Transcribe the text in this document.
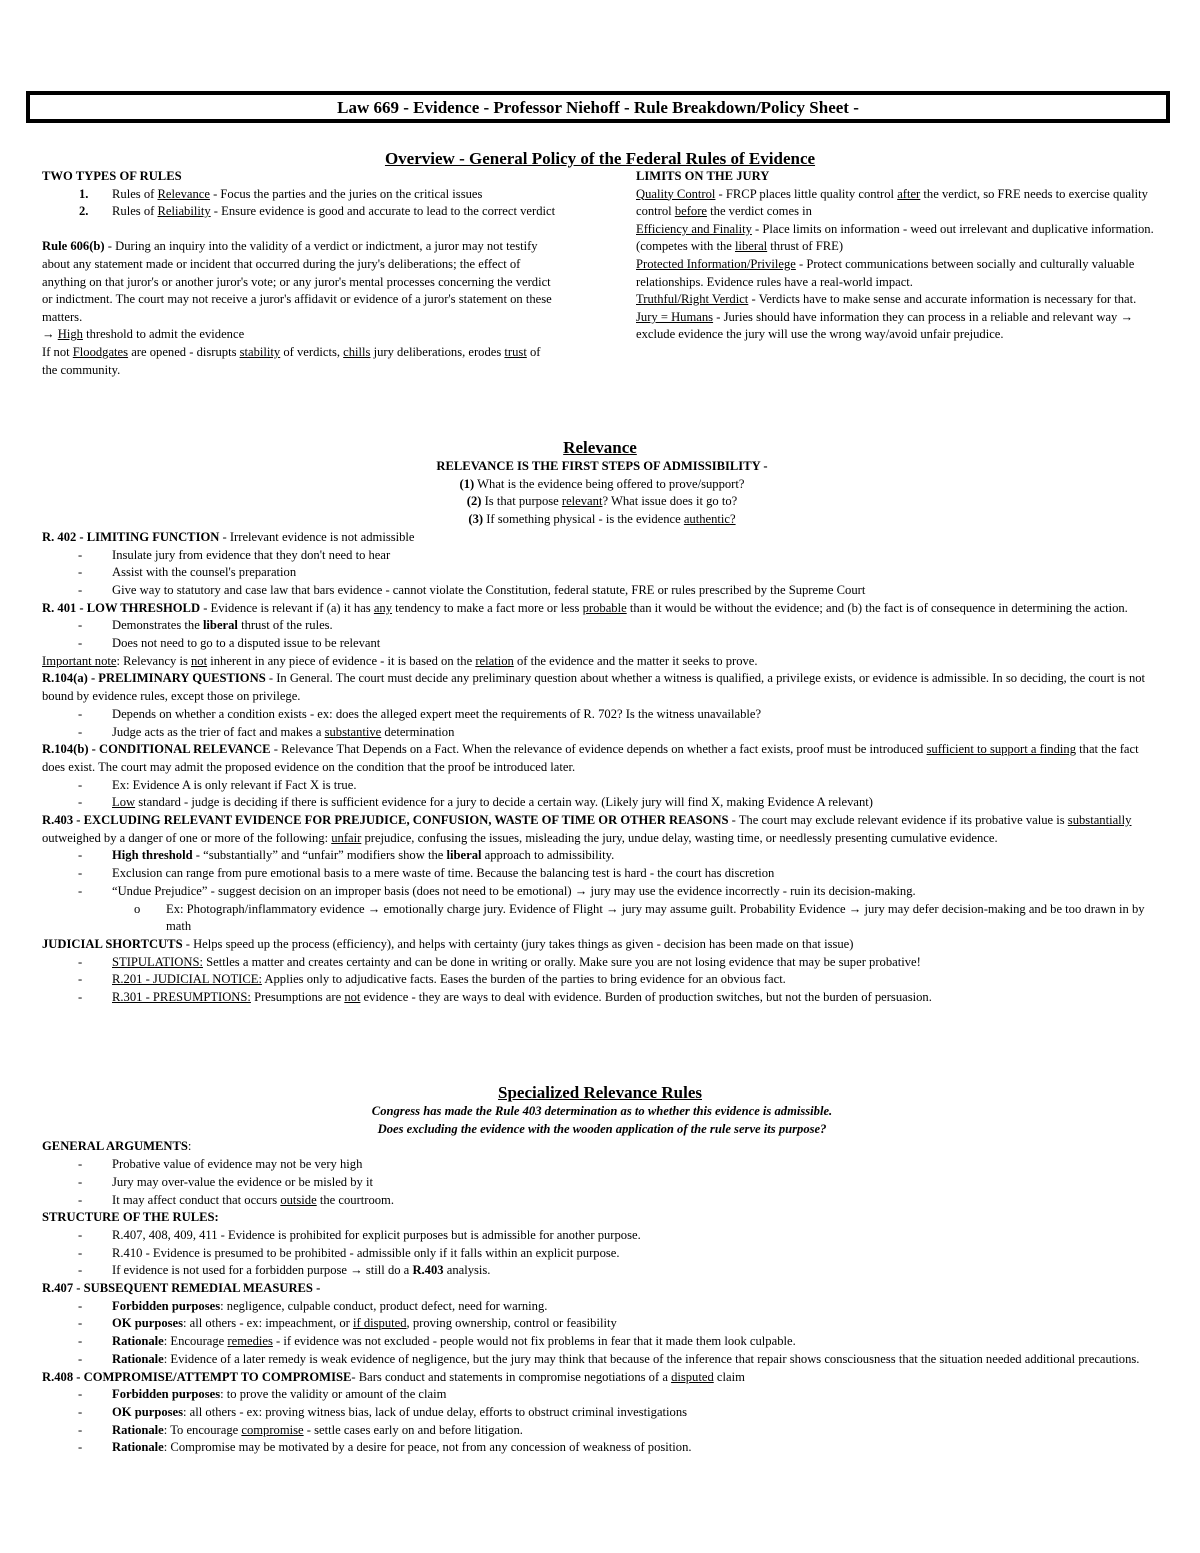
Law 669 - Evidence - Professor Niehoff - Rule Breakdown/Policy Sheet -
Overview - General Policy of the Federal Rules of Evidence

TWO TYPES OF RULES

1. Rules of Relevance - Focus the parties and the juries on the critical issues
2. Rules of Reliability - Ensure evidence is good and accurate to lead to the correct verdict

Rule 606(b) - During an inquiry into the validity of a verdict or indictment, a juror may not testify about any statement made or incident that occurred during the jury's deliberations; the effect of anything on that juror's or another juror's vote; or any juror's mental processes concerning the verdict or indictment. The court may not receive a juror's affidavit or evidence of a juror's statement on these matters.

→ High threshold to admit the evidence

If not Floodgates are opened - disrupts stability of verdicts, chills jury deliberations, erodes trust of the community.

LIMITS ON THE JURY

Quality Control - FRCP places little quality control after the verdict, so FRE needs to exercise quality control before the verdict comes in

Efficiency and Finality - Place limits on information - weed out irrelevant and duplicative information. (competes with the liberal thrust of FRE)

Protected Information/Privilege - Protect communications between socially and culturally valuable relationships. Evidence rules have a real-world impact.

Truthful/Right Verdict - Verdicts have to make sense and accurate information is necessary for that.

Jury = Humans - Juries should have information they can process in a reliable and relevant way → exclude evidence the jury will use the wrong way/avoid unfair prejudice.

Relevance

RELEVANCE IS THE FIRST STEPS OF ADMISSIBILITY -

(1) What is the evidence being offered to prove/support?

(2) Is that purpose relevant? What issue does it go to?

(3) If something physical - is the evidence authentic?

R. 402 - LIMITING FUNCTION - Irrelevant evidence is not admissible

- Insulate jury from evidence that they don't need to hear
- Assist with the counsel's preparation
- Give way to statutory and case law that bars evidence - cannot violate the Constitution, federal statute, FRE or rules prescribed by the Supreme Court

R. 401 - LOW THRESHOLD - Evidence is relevant if (a) it has any tendency to make a fact more or less probable than it would be without the evidence; and (b) the fact is of consequence in determining the action.

- Demonstrates the liberal thrust of the rules.
- Does not need to go to a disputed issue to be relevant

Important note: Relevancy is not inherent in any piece of evidence - it is based on the relation of the evidence and the matter it seeks to prove.

R.104(a) - PRELIMINARY QUESTIONS - In General. The court must decide any preliminary question about whether a witness is qualified, a privilege exists, or evidence is admissible. In so deciding, the court is not bound by evidence rules, except those on privilege.

- Depends on whether a condition exists - ex: does the alleged expert meet the requirements of R. 702? Is the witness unavailable?
- Judge acts as the trier of fact and makes a substantive determination

R.104(b) - CONDITIONAL RELEVANCE - Relevance That Depends on a Fact. When the relevance of evidence depends on whether a fact exists, proof must be introduced sufficient to support a finding that the fact does exist. The court may admit the proposed evidence on the condition that the proof be introduced later.

- Ex: Evidence A is only relevant if Fact X is true.
- Low standard - judge is deciding if there is sufficient evidence for a jury to decide a certain way. (Likely jury will find X, making Evidence A relevant)

R.403 - EXCLUDING RELEVANT EVIDENCE FOR PREJUDICE, CONFUSION, WASTE OF TIME OR OTHER REASONS - The court may exclude relevant evidence if its probative value is substantially outweighed by a danger of one or more of the following: unfair prejudice, confusing the issues, misleading the jury, undue delay, wasting time, or needlessly presenting cumulative evidence.

- High threshold - “substantially” and “unfair” modifiers show the liberal approach to admissibility.
- Exclusion can range from pure emotional basis to a mere waste of time. Because the balancing test is hard - the court has discretion
- “Undue Prejudice” - suggest decision on an improper basis (does not need to be emotional) → jury may use the evidence incorrectly - ruin its decision-making.
o Ex: Photograph/inflammatory evidence → emotionally charge jury. Evidence of Flight → jury may assume guilt. Probability Evidence → jury may defer decision-making and be too drawn in by math

JUDICIAL SHORTCUTS - Helps speed up the process (efficiency), and helps with certainty (jury takes things as given - decision has been made on that issue)

- STIPULATIONS: Settles a matter and creates certainty and can be done in writing or orally. Make sure you are not losing evidence that may be super probative!
- R.201 - JUDICIAL NOTICE: Applies only to adjudicative facts. Eases the burden of the parties to bring evidence for an obvious fact.
- R.301 - PRESUMPTIONS: Presumptions are not evidence - they are ways to deal with evidence. Burden of production switches, but not the burden of persuasion.
Specialized Relevance Rules

Congress has made the Rule 403 determination as to whether this evidence is admissible.

Does excluding the evidence with the wooden application of the rule serve its purpose?

GENERAL ARGUMENTS:

- Probative value of evidence may not be very high
- Jury may over-value the evidence or be misled by it
- It may affect conduct that occurs outside the courtroom.

STRUCTURE OF THE RULES:

- R.407, 408, 409, 411 - Evidence is prohibited for explicit purposes but is admissible for another purpose.
- R.410 - Evidence is presumed to be prohibited - admissible only if it falls within an explicit purpose.
- If evidence is not used for a forbidden purpose → still do a R.403 analysis.

R.407 - SUBSEQUENT REMEDIAL MEASURES -

- Forbidden purposes: negligence, culpable conduct, product defect, need for warning.
- OK purposes: all others - ex: impeachment, or if disputed, proving ownership, control or feasibility
- Rationale: Encourage remedies - if evidence was not excluded - people would not fix problems in fear that it made them look culpable.
- Rationale: Evidence of a later remedy is weak evidence of negligence, but the jury may think that because of the inference that repair shows consciousness that the situation needed additional precautions.

R.408 - COMPROMISE/ATTEMPT TO COMPROMISE- Bars conduct and statements in compromise negotiations of a disputed claim

- Forbidden purposes: to prove the validity or amount of the claim
- OK purposes: all others - ex: proving witness bias, lack of undue delay, efforts to obstruct criminal investigations
- Rationale: To encourage compromise - settle cases early on and before litigation.
- Rationale: Compromise may be motivated by a desire for peace, not from any concession of weakness of position.
